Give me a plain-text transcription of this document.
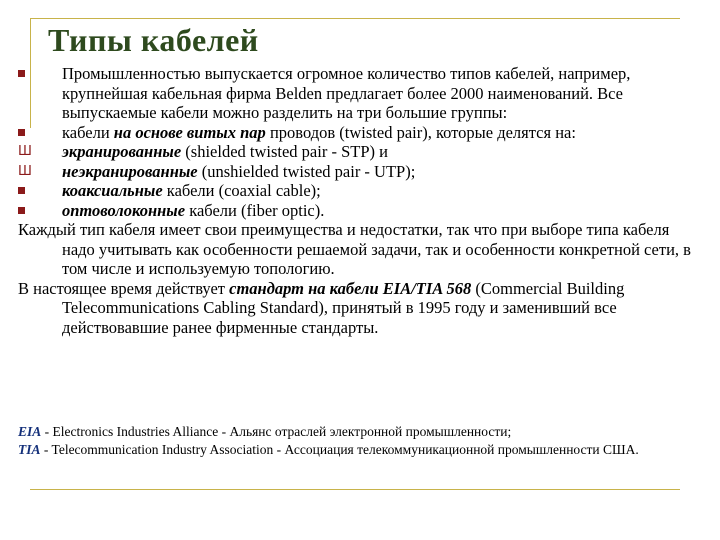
Типы кабелей
Промышленностью выпускается огромное количество типов кабелей, например, крупнейшая кабельная фирма Belden предлагает более 2000 наименований. Все выпускаемые кабели можно разделить на три большие группы:
кабели на основе витых пар проводов (twisted pair), которые делятся на:
Ш экранированные (shielded twisted pair - STP) и
Ш неэкранированные (unshielded twisted pair - UTP);
коаксиальные кабели (coaxial cable);
оптоволоконные кабели (fiber optic).
Каждый тип кабеля имеет свои преимущества и недостатки, так что при выборе типа кабеля надо учитывать как особенности решаемой задачи, так и особенности конкретной сети, в том числе и используемую топологию.
В настоящее время действует стандарт на кабели EIA/TIA 568 (Commercial Building Telecommunications Cabling Standard), принятый в 1995 году и заменивший все действовавшие ранее фирменные стандарты.
EIA - Electronics Industries Alliance - Альянс отраслей электронной промышленности;
TIA - Telecommunication Industry Association - Ассоциация телекоммуникационной промышленности США.
